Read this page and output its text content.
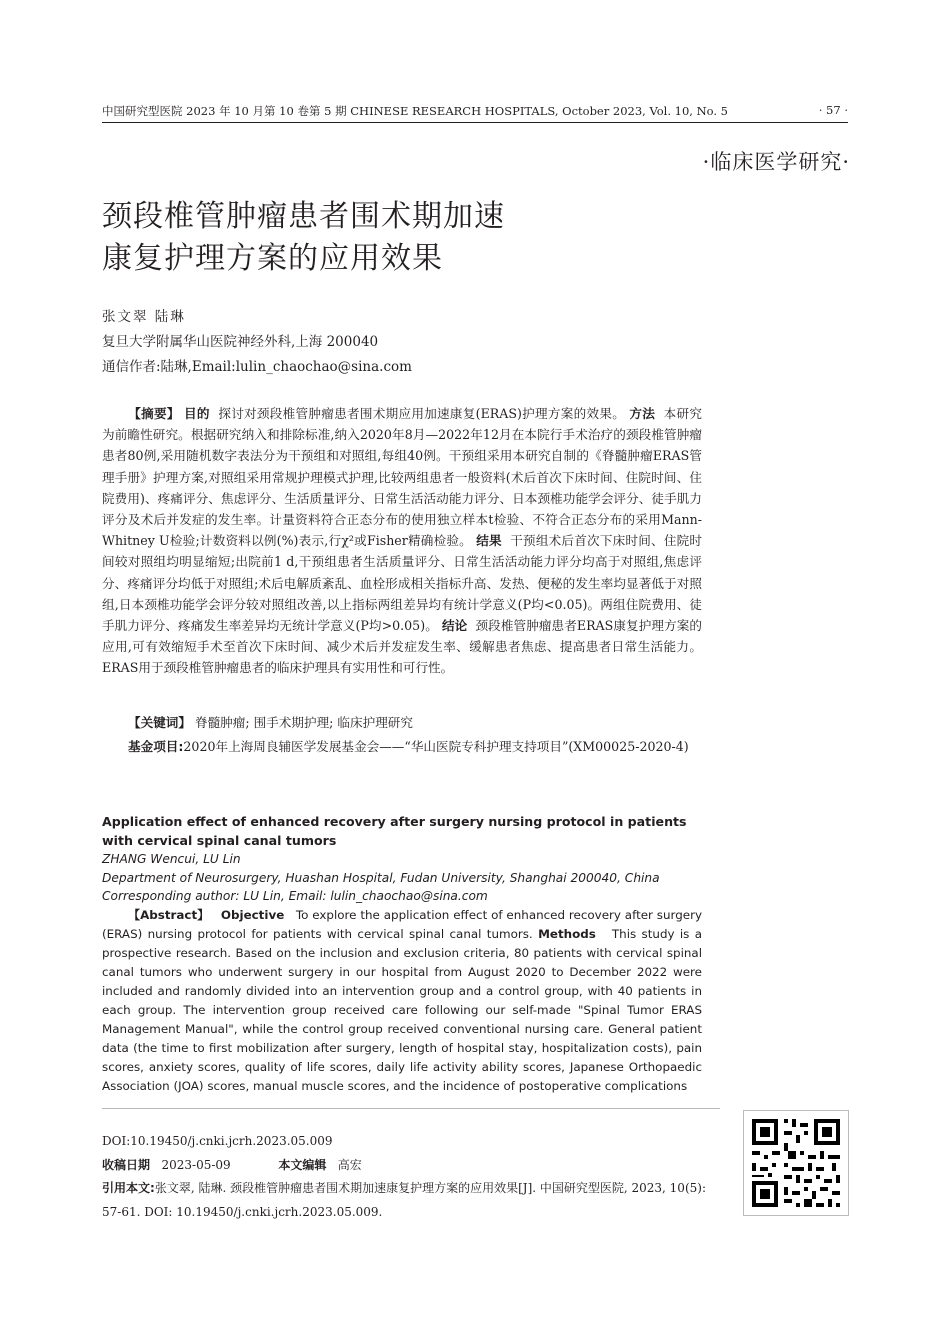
中国研究型医院 2023 年 10 月第 10 卷第 5 期 CHINESE RESEARCH HOSPITALS, October 2023, Vol. 10, No. 5	· 57 ·
·临床医学研究·
颈段椎管肿瘤患者围术期加速
康复护理方案的应用效果
张文翠 陆琳
复旦大学附属华山医院神经外科,上海 200040
通信作者:陆琳,Email:lulin_chaochao@sina.com
【摘要】 目的 探讨对颈段椎管肿瘤患者围术期应用加速康复(ERAS)护理方案的效果。 方法 本研究为前瞻性研究。根据研究纳入和排除标准,纳入2020年8月—2022年12月在本院行手术治疗的颈段椎管肿瘤患者80例,采用随机数字表法分为干预组和对照组,每组40例。干预组采用本研究自制的《脊髓肿瘤ERAS管理手册》护理方案,对照组采用常规护理模式护理,比较两组患者一般资料(术后首次下床时间、住院时间、住院费用)、疼痛评分、焦虑评分、生活质量评分、日常生活活动能力评分、日本颈椎功能学会评分、徒手肌力评分及术后并发症的发生率。计量资料符合正态分布的使用独立样本t检验、不符合正态分布的采用Mann-Whitney U检验;计数资料以例(%)表示,行χ²或Fisher精确检验。 结果 干预组术后首次下床时间、住院时间较对照组均明显缩短;出院前1 d,干预组患者生活质量评分、日常生活活动能力评分均高于对照组,焦虑评分、疼痛评分均低于对照组;术后电解质紊乱、血栓形成相关指标升高、发热、便秘的发生率均显著低于对照组,日本颈椎功能学会评分较对照组改善,以上指标两组差异均有统计学意义(P均<0.05)。两组住院费用、徒手肌力评分、疼痛发生率差异均无统计学意义(P均>0.05)。 结论 颈段椎管肿瘤患者ERAS康复护理方案的应用,可有效缩短手术至首次下床时间、减少术后并发症发生率、缓解患者焦虑、提高患者日常生活能力。ERAS用于颈段椎管肿瘤患者的临床护理具有实用性和可行性。
【关键词】 脊髓肿瘤; 围手术期护理; 临床护理研究
基金项目:2020年上海周良辅医学发展基金会——“华山医院专科护理支持项目”(XM00025-2020-4)
Application effect of enhanced recovery after surgery nursing protocol in patients with cervical spinal canal tumors
ZHANG Wencui, LU Lin
Department of Neurosurgery, Huashan Hospital, Fudan University, Shanghai 200040, China
Corresponding author: LU Lin, Email: lulin_chaochao@sina.com
【Abstract】 Objective To explore the application effect of enhanced recovery after surgery (ERAS) nursing protocol for patients with cervical spinal canal tumors. Methods This study is a prospective research. Based on the inclusion and exclusion criteria, 80 patients with cervical spinal canal tumors who underwent surgery in our hospital from August 2020 to December 2022 were included and randomly divided into an intervention group and a control group, with 40 patients in each group. The intervention group received care following our self-made "Spinal Tumor ERAS Management Manual", while the control group received conventional nursing care. General patient data (the time to first mobilization after surgery, length of hospital stay, hospitalization costs), pain scores, anxiety scores, quality of life scores, daily life activity ability scores, Japanese Orthopaedic Association (JOA) scores, manual muscle scores, and the incidence of postoperative complications
DOI:10.19450/j.cnki.jcrh.2023.05.009
收稿日期 2023-05-09	本文编辑 高宏
引用本文:张文翠, 陆琳. 颈段椎管肿瘤患者围术期加速康复护理方案的应用效果[J]. 中国研究型医院, 2023, 10(5): 57-61. DOI: 10.19450/j.cnki.jcrh.2023.05.009.
